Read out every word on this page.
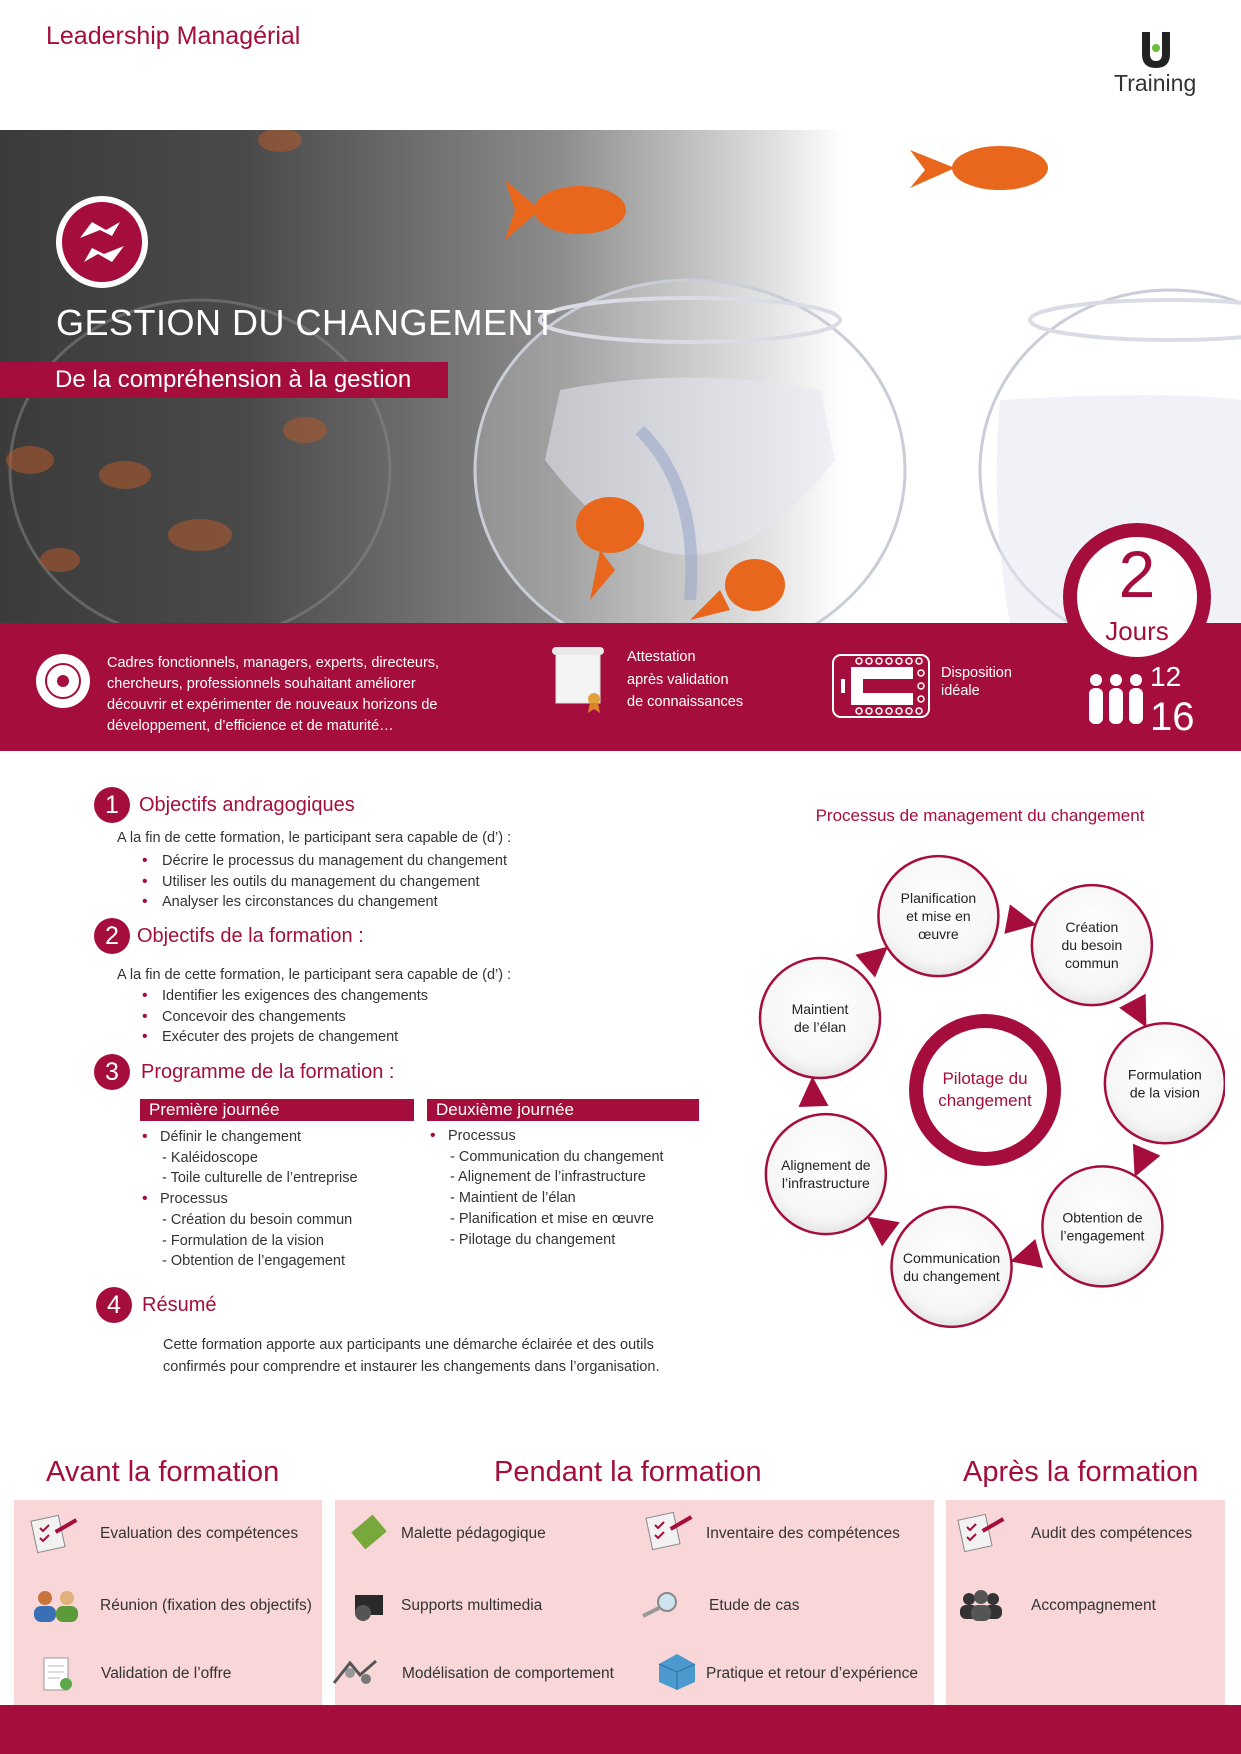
Leadership Managérial
Training
GESTION DU CHANGEMENT
De la compréhension à la gestion
Cadres fonctionnels, managers, experts, directeurs, chercheurs, professionnels souhaitant améliorer découvrir et expérimenter de nouveaux horizons de développement, d’efficience et de maturité…
Attestation
après validation
de connaissances
Disposition
idéale
2
Jours
12
16
1	Objectifs andragogiques
A la fin de cette formation, le participant sera capable de (d’) :
• Décrire le processus du management du changement
• Utiliser les outils du management du changement
• Analyser les circonstances du changement
2 Objectifs de la formation :
A la fin de cette formation, le participant sera capable de (d’) :
• Identifier les exigences des changements
• Concevoir des changements
• Exécuter des projets de changement
3	Programme de la formation :
Première journée	Deuxième journée
• Définir le changement
- Kaléidoscope
- Toile culturelle de l’entreprise
• Processus
- Création du besoin commun
- Formulation de la vision
- Obtention de l’engagement
• Processus
- Communication du changement
- Alignement de l’infrastructure
- Maintient de l’élan
- Planification et mise en œuvre
- Pilotage du changement
4	Résumé
Cette formation apporte aux participants une démarche éclairée et des outils confirmés pour comprendre et instaurer les changements dans l’organisation.
Processus de management du changement
Pilotage du
changement
Planification
et mise en
œuvre	Création
du besoin
commun
Formulation
de la vision
Obtention de
l’engagement
Communication
du changement
Alignement de
l’infrastructure
Maintient
de l’élan
Avant la formation	Pendant la formation	Après la formation
Evaluation des compétences
Réunion (fixation des objectifs)
Validation de l’offre
Malette pédagogique
Supports multimedia
Modélisation de comportement
Inventaire des compétences
Etude de cas
Pratique et retour d’expérience
Audit des compétences
Accompagnement
